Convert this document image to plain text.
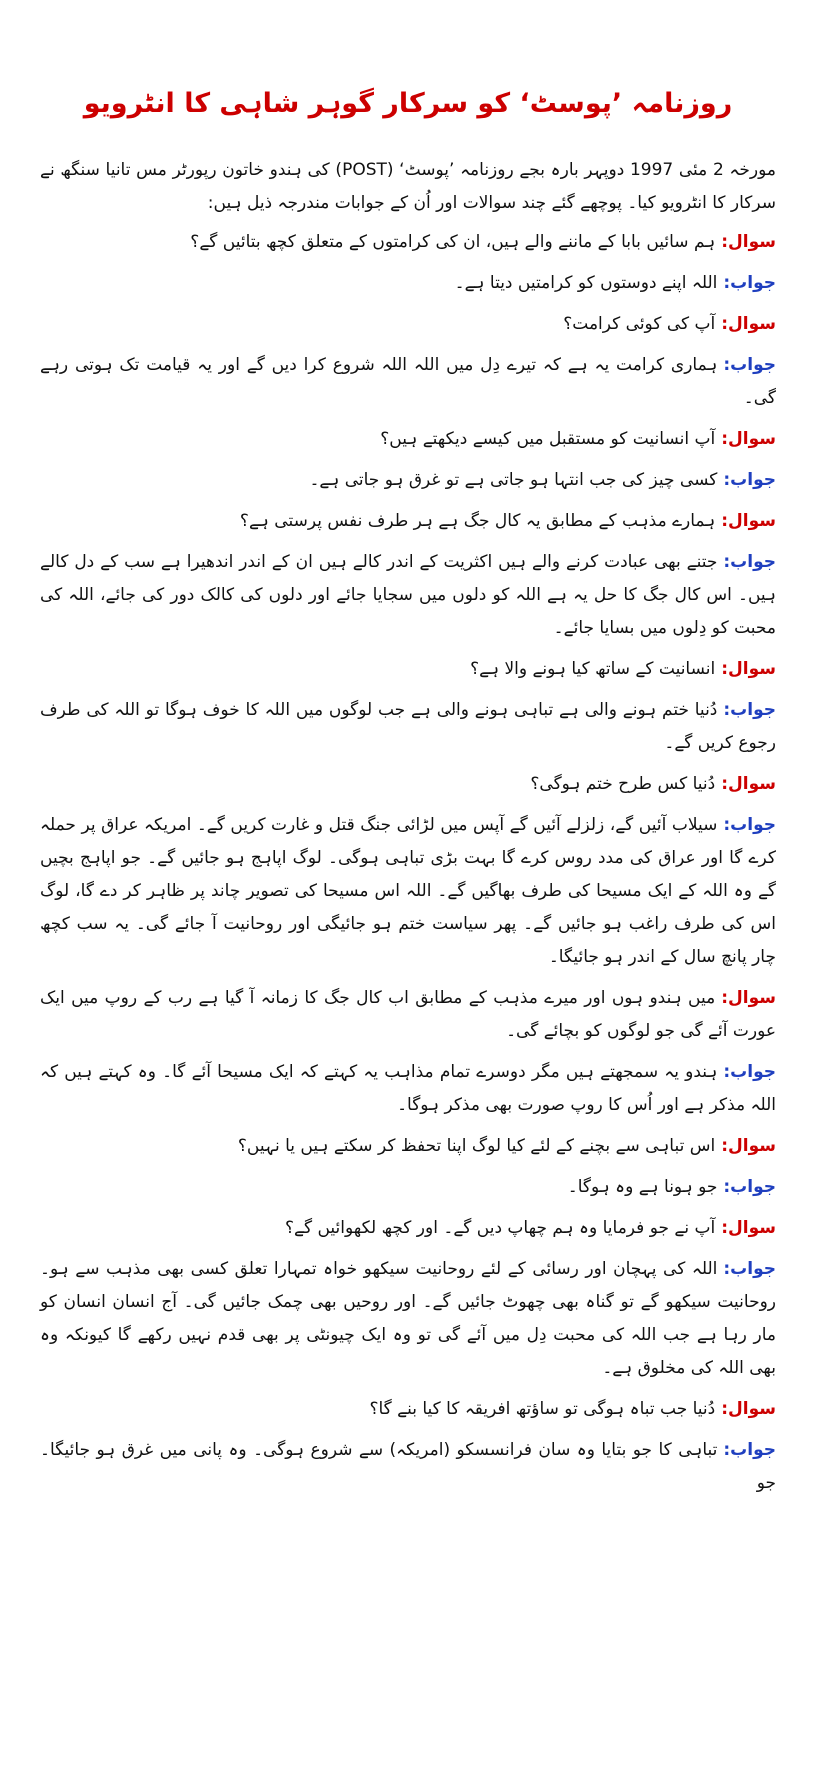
روزنامہ ’پوسٹ‘ کو سرکار گوہر شاہی کا انٹرویو

مورخہ 2 مئی 1997 دوپہر بارہ بجے روزنامہ ’پوسٹ‘ (POST) کی ہندو خاتون رپورٹر مس تانیا سنگھ نے سرکار کا انٹرویو کیا۔ پوچھے گئے چند سوالات اور اُن کے جوابات مندرجہ ذیل ہیں:

سوال:ہم سائیں بابا کے ماننے والے ہیں، ان کی کرامتوں کے متعلق کچھ بتائیں گے؟

جواب:اللہ اپنے دوستوں کو کرامتیں دیتا ہے۔

سوال:آپ کی کوئی کرامت؟

جواب:ہماری کرامت یہ ہے کہ تیرے دِل میں اللہ اللہ شروع کرا دیں گے اور یہ قیامت تک ہوتی رہے گی۔

سوال:آپ انسانیت کو مستقبل میں کیسے دیکھتے ہیں؟

جواب:کسی چیز کی جب انتہا ہو جاتی ہے تو غرق ہو جاتی ہے۔

سوال:ہمارے مذہب کے مطابق یہ کال جگ ہے ہر طرف نفس پرستی ہے؟

جواب:جتنے بھی عبادت کرنے والے ہیں اکثریت کے اندر کالے ہیں ان کے اندر اندھیرا ہے سب کے دل کالے ہیں۔ اس کال جگ کا حل یہ ہے اللہ کو دلوں میں سجایا جائے اور دلوں کی کالک دور کی جائے، اللہ کی محبت کو دِلوں میں بسایا جائے۔

سوال:انسانیت کے ساتھ کیا ہونے والا ہے؟

جواب:دُنیا ختم ہونے والی ہے تباہی ہونے والی ہے جب لوگوں میں اللہ کا خوف ہوگا تو اللہ کی طرف رجوع کریں گے۔

سوال:دُنیا کس طرح ختم ہوگی؟

جواب:سیلاب آئیں گے، زلزلے آئیں گے آپس میں لڑائی جنگ قتل و غارت کریں گے۔ امریکہ عراق پر حملہ کرے گا اور عراق کی مدد روس کرے گا بہت بڑی تباہی ہوگی۔ لوگ اپاہج ہو جائیں گے۔ جو اپاہج بچیں گے وہ اللہ کے ایک مسیحا کی طرف بھاگیں گے۔ اللہ اس مسیحا کی تصویر چاند پر ظاہر کر دے گا، لوگ اس کی طرف راغب ہو جائیں گے۔ پھر سیاست ختم ہو جائیگی اور روحانیت آ جائے گی۔ یہ سب کچھ چار پانچ سال کے اندر ہو جائیگا۔

سوال:میں ہندو ہوں اور میرے مذہب کے مطابق اب کال جگ کا زمانہ آ گیا ہے رب کے روپ میں ایک عورت آئے گی جو لوگوں کو بچائے گی۔

جواب:ہندو یہ سمجھتے ہیں مگر دوسرے تمام مذاہب یہ کہتے کہ ایک مسیحا آئے گا۔ وہ کہتے ہیں کہ اللہ مذکر ہے اور اُس کا روپ صورت بھی مذکر ہوگا۔

سوال:اس تباہی سے بچنے کے لئے کیا لوگ اپنا تحفظ کر سکتے ہیں یا نہیں؟

جواب:جو ہونا ہے وہ ہوگا۔

سوال:آپ نے جو فرمایا وہ ہم چھاپ دیں گے۔ اور کچھ لکھوائیں گے؟

جواب:اللہ کی پہچان اور رسائی کے لئے روحانیت سیکھو خواہ تمہارا تعلق کسی بھی مذہب سے ہو۔ روحانیت سیکھو گے تو گناہ بھی چھوٹ جائیں گے۔ اور روحیں بھی چمک جائیں گی۔ آج انسان انسان کو مار رہا ہے جب اللہ کی محبت دِل میں آئے گی تو وہ ایک چیونٹی پر بھی قدم نہیں رکھے گا کیونکہ وہ بھی اللہ کی مخلوق ہے۔

سوال:دُنیا جب تباہ ہوگی تو ساؤتھ افریقہ کا کیا بنے گا؟

جواب:تباہی کا جو بتایا وہ سان فرانسسکو (امریکہ) سے شروع ہوگی۔ وہ پانی میں غرق ہو جائیگا۔ جو
